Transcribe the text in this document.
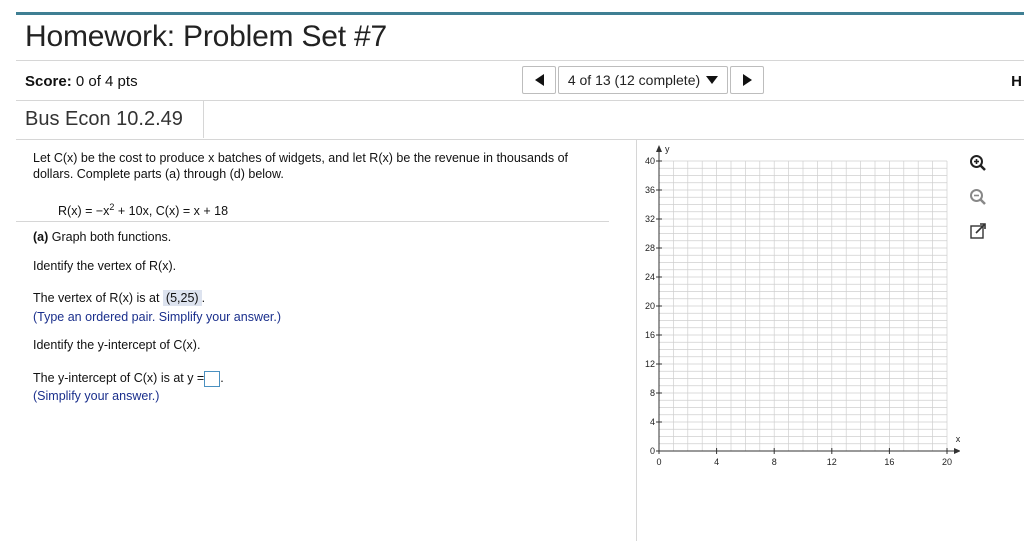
Homework: Problem Set #7
Score: 0 of 4 pts	4 of 13 (12 complete)	H
Bus Econ 10.2.49
Let C(x) be the cost to produce x batches of widgets, and let R(x) be the revenue in thousands of dollars. Complete parts (a) through (d) below.
$R(x) = -x^2 + 10x$, C(x) = x + 18
(a) Graph both functions.
Identify the vertex of R(x).
The vertex of R(x) is at (5,25) .
(Type an ordered pair. Simplify your answer.)
Identify the y-intercept of C(x).
The y-intercept of C(x) is at y = .
(Simplify your answer.)
0	4	8	12	16	20
0
4
8
12
16
20
24
28
32
36
40
x
y
